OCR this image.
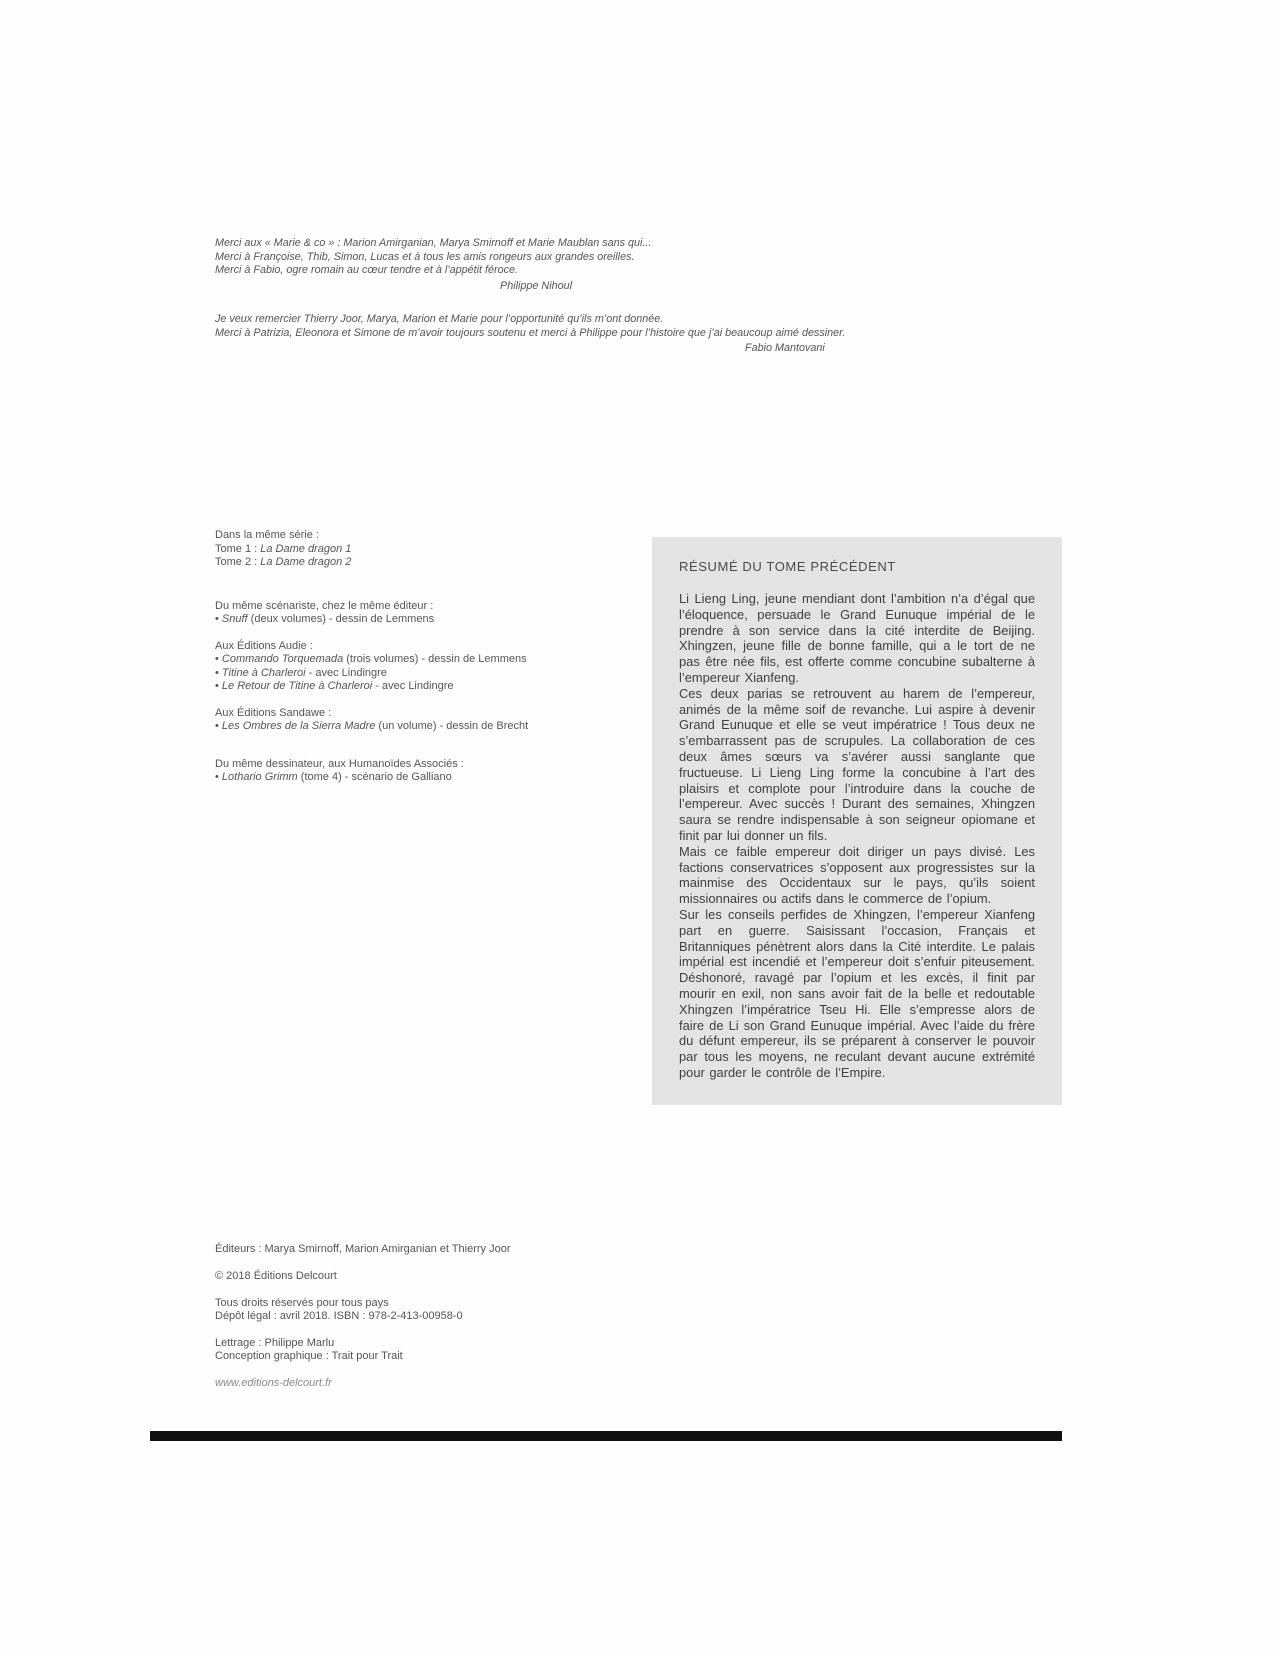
Merci aux « Marie & co » : Marion Amirganian, Marya Smirnoff et Marie Maublan sans qui...
Merci à Françoise, Thib, Simon, Lucas et à tous les amis rongeurs aux grandes oreilles.
Merci à Fabio, ogre romain au cœur tendre et à l’appétit féroce.
Philippe Nihoul
Je veux remercier Thierry Joor, Marya, Marion et Marie pour l’opportunité qu’ils m’ont donnée.
Merci à Patrizia, Eleonora et Simone de m’avoir toujours soutenu et merci à Philippe pour l’histoire que j’ai beaucoup aimé dessiner.
Fabio Mantovani
Dans la même série :
Tome 1 : La Dame dragon 1
Tome 2 : La Dame dragon 2
Du même scénariste, chez le même éditeur :
• Snuff (deux volumes) - dessin de Lemmens
Aux Éditions Audie :
• Commando Torquemada (trois volumes) - dessin de Lemmens
• Titine à Charleroi - avec Lindingre
• Le Retour de Titine à Charleroi - avec Lindingre
Aux Éditions Sandawe :
• Les Ombres de la Sierra Madre (un volume) - dessin de Brecht
Du même dessinateur, aux Humanoïdes Associés :
• Lothario Grimm (tome 4) - scénario de Galliano
RÉSUMÉ DU TOME PRÉCÉDENT

Li Lieng Ling, jeune mendiant dont l’ambition n’a d’égal que l’éloquence, persuade le Grand Eunuque impérial de le prendre à son service dans la cité interdite de Beijing. Xhingzen, jeune fille de bonne famille, qui a le tort de ne pas être née fils, est offerte comme concubine subalterne à l’empereur Xianfeng.

Ces deux parias se retrouvent au harem de l’empereur, animés de la même soif de revanche. Lui aspire à devenir Grand Eunuque et elle se veut impératrice ! Tous deux ne s’embarrassent pas de scrupules. La collaboration de ces deux âmes sœurs va s’avérer aussi sanglante que fructueuse. Li Lieng Ling forme la concubine à l’art des plaisirs et complote pour l’introduire dans la couche de l’empereur. Avec succès ! Durant des semaines, Xhingzen saura se rendre indispensable à son seigneur opiomane et finit par lui donner un fils.

Mais ce faible empereur doit diriger un pays divisé. Les factions conservatrices s’opposent aux progressistes sur la mainmise des Occidentaux sur le pays, qu’ils soient missionnaires ou actifs dans le commerce de l’opium.

Sur les conseils perfides de Xhingzen, l’empereur Xianfeng part en guerre. Saisissant l’occasion, Français et Britanniques pénètrent alors dans la Cité interdite. Le palais impérial est incendié et l’empereur doit s’enfuir piteusement. Déshonoré, ravagé par l’opium et les excès, il finit par mourir en exil, non sans avoir fait de la belle et redoutable Xhingzen l’impératrice Tseu Hi. Elle s’empresse alors de faire de Li son Grand Eunuque impérial. Avec l’aide du frère du défunt empereur, ils se préparent à conserver le pouvoir par tous les moyens, ne reculant devant aucune extrémité pour garder le contrôle de l’Empire.

Éditeurs : Marya Smirnoff, Marion Amirganian et Thierry Joor
© 2018 Éditions Delcourt
Tous droits réservés pour tous pays
Dépôt légal : avril 2018. ISBN : 978-2-413-00958-0
Lettrage : Philippe Marlu
Conception graphique : Trait pour Trait
www.editions-delcourt.fr
